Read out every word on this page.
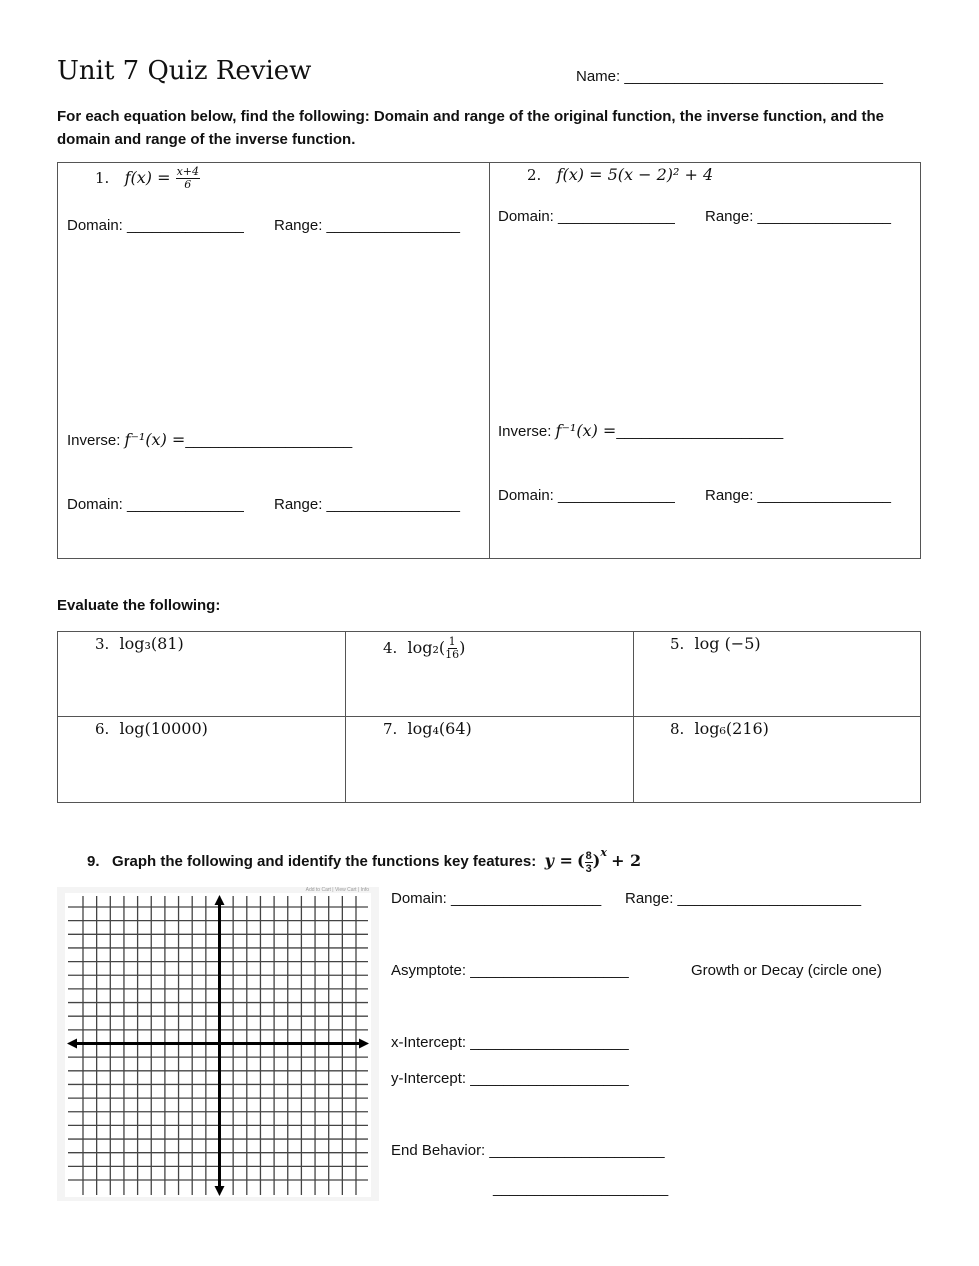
Unit 7 Quiz Review	Name: _______________________________
For each equation below, find the following: Domain and range of the original function, the inverse function, and the domain and range of the inverse function.
1. $f(x) = \frac{x+4}{6}$
Domain: ______________ Range: ________________
Inverse: f⁻¹(x) =____________________
Domain: ______________ Range: ________________
2. f(x) = 5(x − 2)² + 4
Domain: ______________ Range: ________________
Inverse: f⁻¹(x) =____________________
Domain: ______________ Range: ________________
Evaluate the following:
3. log₃(81)	4. $\log_2( \frac{1}{16}$ )	5. log (−5)
6. log(10000)	7. log₄(64)	8. log₆(216)
9. Graph the following and identify the functions key features: y = ( $\frac{8}{3} )^x + 2$
Add to Cart | View Cart | Info Domain: __________________ Range: ______________________
Asymptote: ___________________	Growth or Decay (circle one)
x-Intercept: ___________________
y-Intercept: ___________________
End Behavior: _____________________
_____________________
